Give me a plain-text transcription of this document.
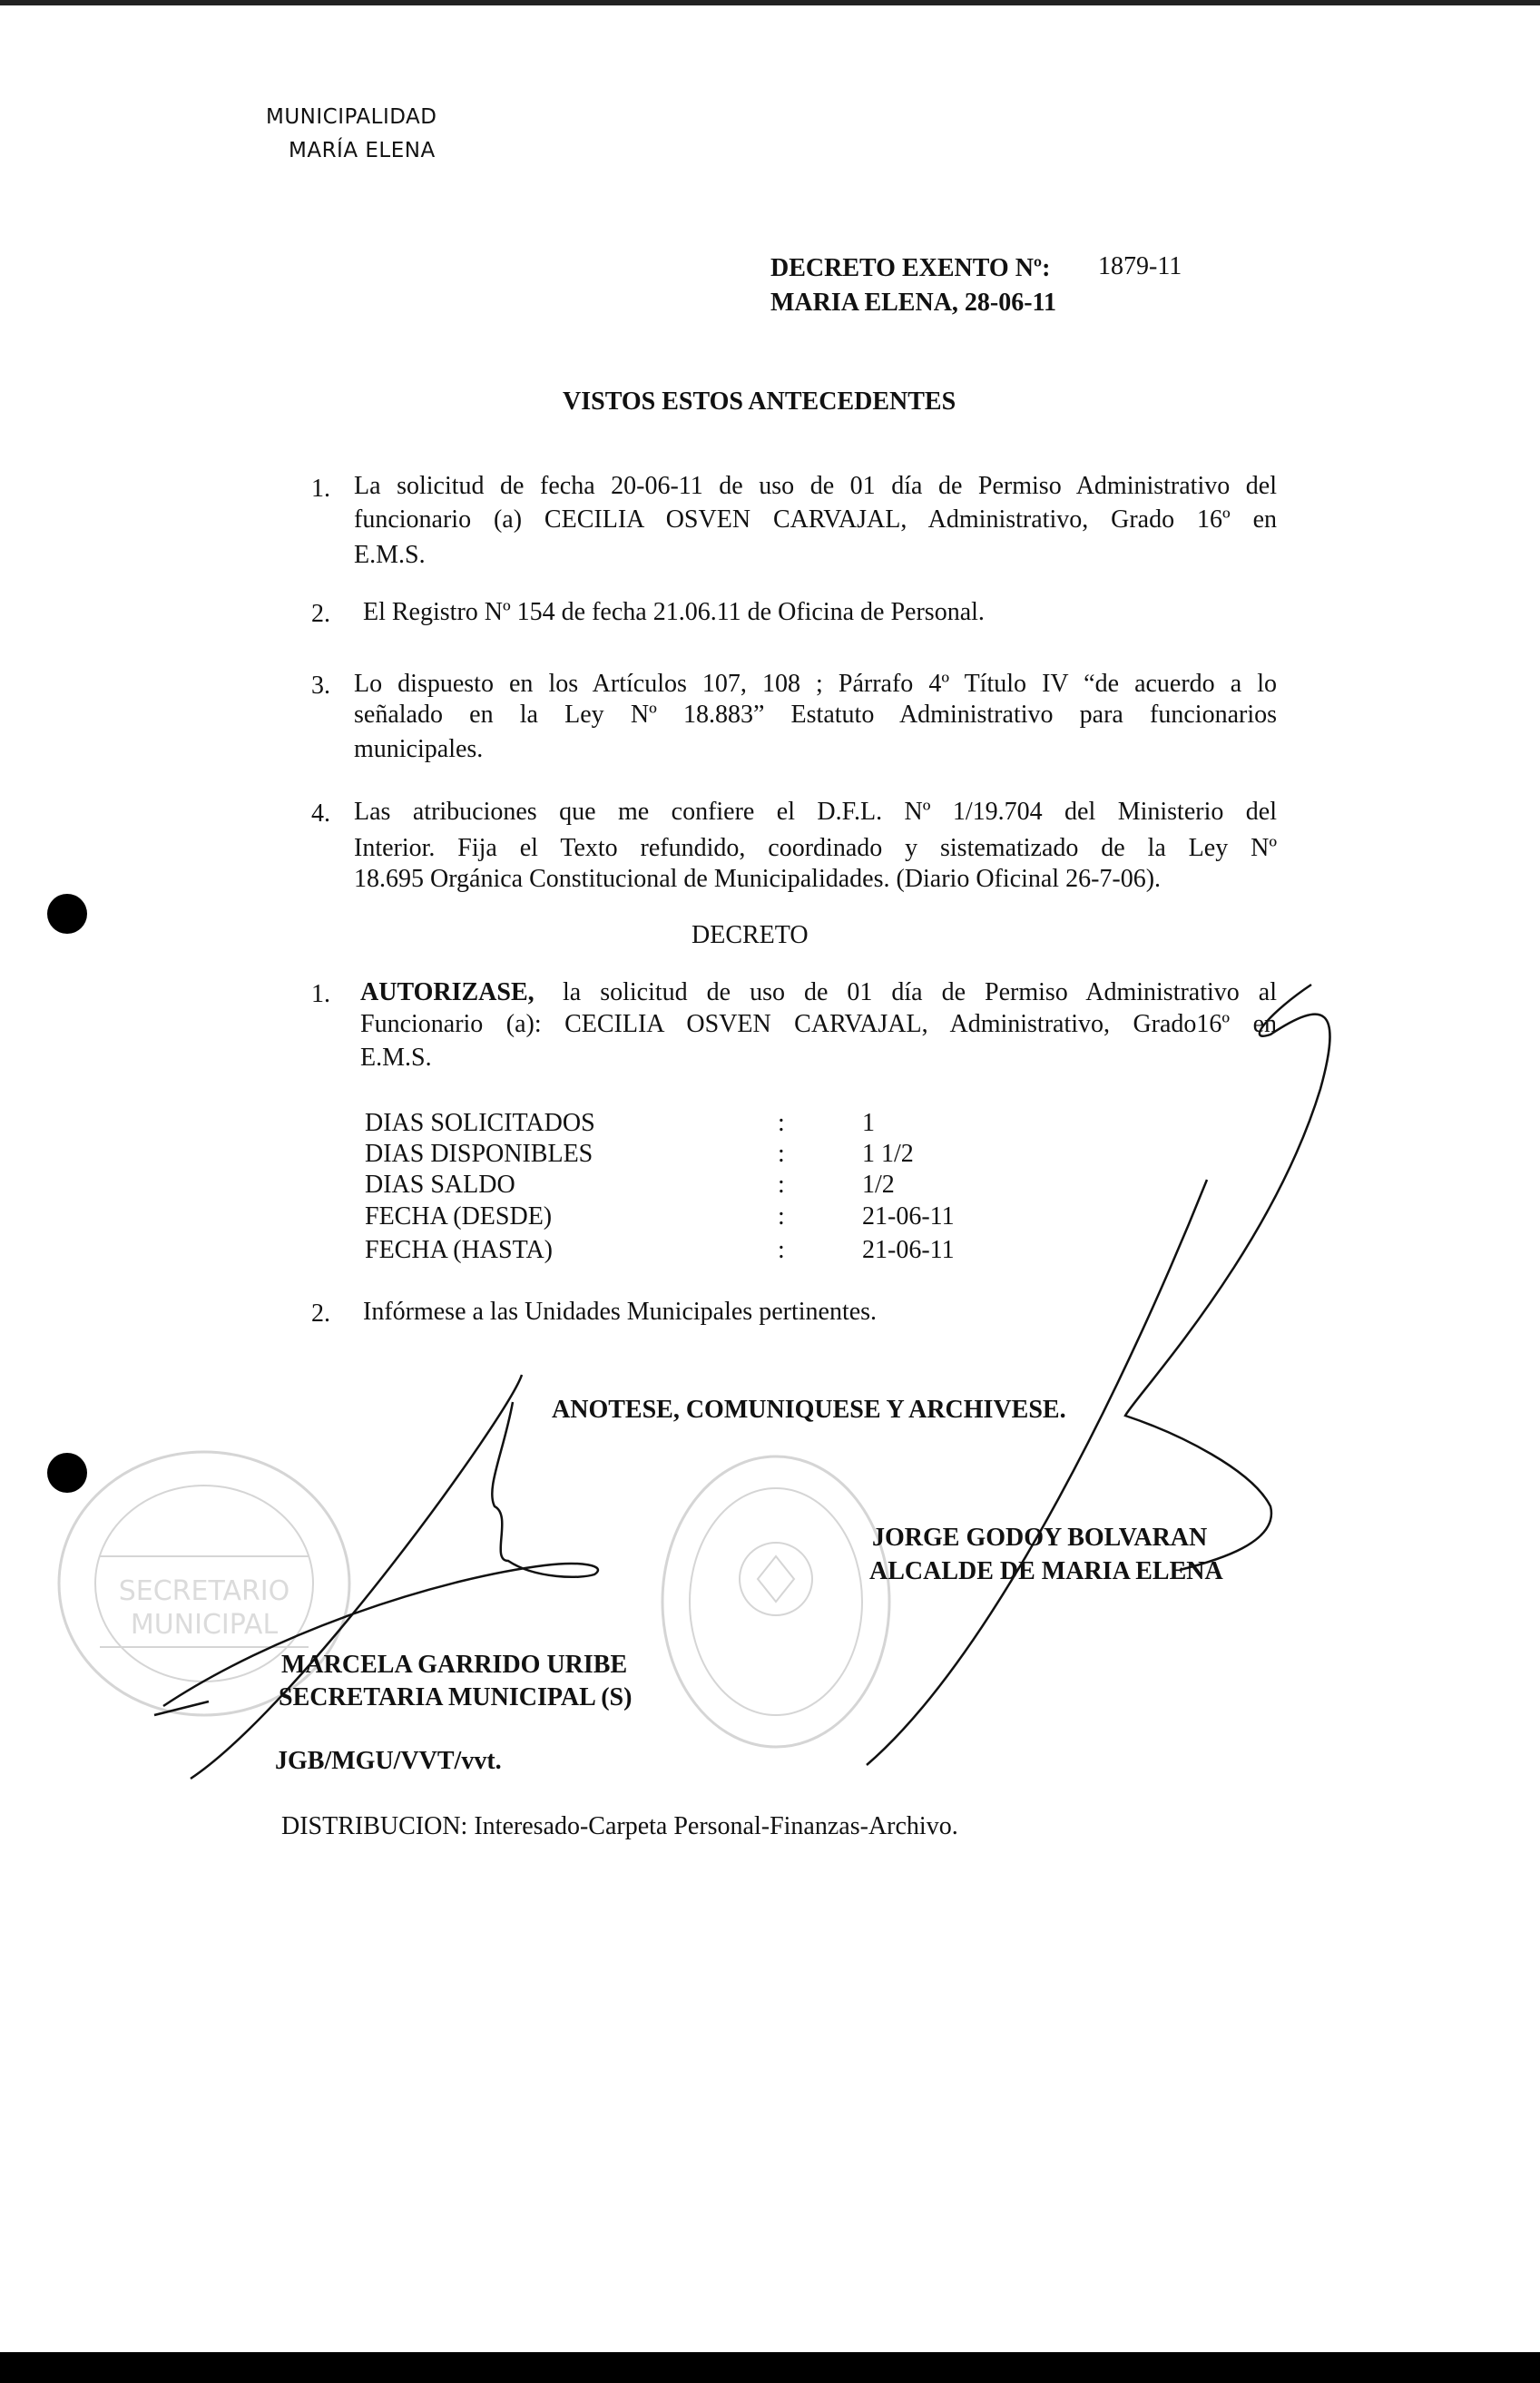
SECRETARIO
MUNICIPAL
MUNICIPALIDAD
MARÍA ELENA
DECRETO EXENTO Nº: 1879-11
MARIA ELENA, 28-06-11
VISTOS ESTOS ANTECEDENTES
1. La solicitud de fecha 20-06-11 de uso de 01 día de Permiso Administrativo del
funcionario (a) CECILIA OSVEN CARVAJAL, Administrativo, Grado 16º en
E.M.S.
2. El Registro Nº 154 de fecha 21.06.11 de Oficina de Personal.
3. Lo dispuesto en los Artículos 107, 108 ; Párrafo 4º Título IV “de acuerdo a lo
señalado en la Ley Nº 18.883” Estatuto Administrativo para funcionarios
municipales.
4. Las atribuciones que me confiere el D.F.L. Nº 1/19.704 del Ministerio del
Interior. Fija el Texto refundido, coordinado y sistematizado de la Ley Nº
18.695 Orgánica Constitucional de Municipalidades. (Diario Oficinal 26-7-06).
DECRETO
1. AUTORIZASE, la solicitud de uso de 01 día de Permiso Administrativo al
Funcionario (a): CECILIA OSVEN CARVAJAL, Administrativo, Grado16º en
E.M.S.
DIAS SOLICITADOS	:	1
DIAS DISPONIBLES	:	1 1/2
DIAS SALDO	:	1/2
FECHA (DESDE)	:	21-06-11
FECHA (HASTA)	:	21-06-11
2. Infórmese a las Unidades Municipales pertinentes.
ANOTESE, COMUNIQUESE Y ARCHIVESE.
JORGE GODOY BOLVARAN
ALCALDE DE MARIA ELENA
MARCELA GARRIDO URIBE
SECRETARIA MUNICIPAL (S)
JGB/MGU/VVT/vvt.
DISTRIBUCION: Interesado-Carpeta Personal-Finanzas-Archivo.
